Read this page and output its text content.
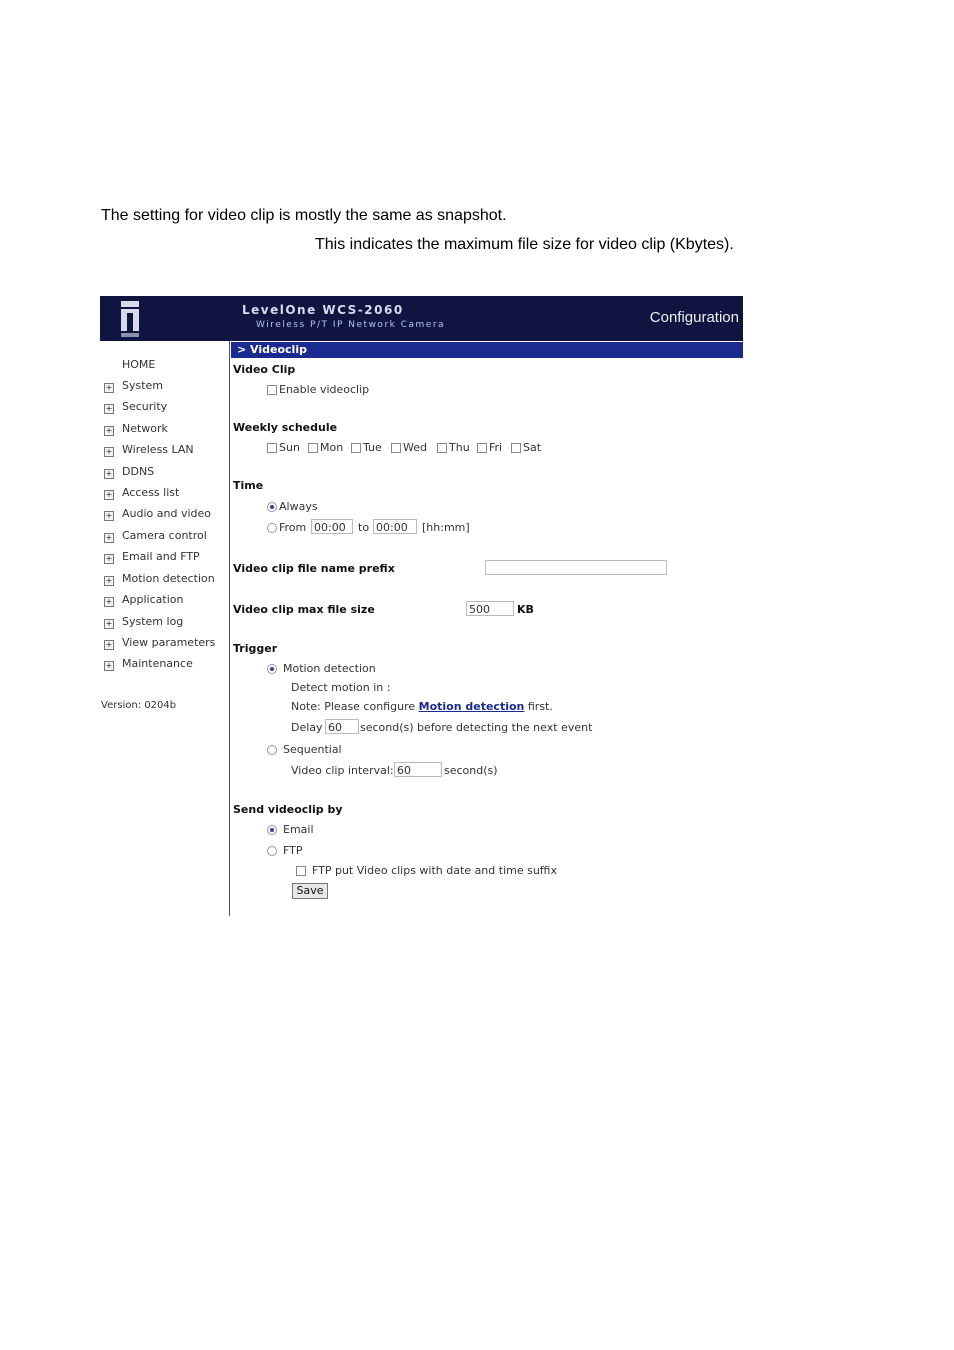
The setting for video clip is mostly the same as snapshot.
This indicates the maximum file size for video clip (Kbytes).
LevelOne WCS-2060
Wireless P/T IP Network Camera	Configuration
HOME
+ System
+ Security
+ Network
+ Wireless LAN
+ DDNS
+ Access list
+ Audio and video
+ Camera control
+ Email and FTP
+ Motion detection
+ Application
+ System log
+ View parameters
+ Maintenance
Version: 0204b
> Videoclip
Video Clip
Enable videoclip
Weekly schedule
Sun Mon Tue Wed Thu Fri Sat
Time
Always
From 00:00	to 00:00	[hh:mm]
Video clip file name prefix
Video clip max file size	500	KB
Trigger
Motion detection
Detect motion in :
Note: Please configure Motion detection first.
Delay 60	second(s) before detecting the next event
Sequential
Video clip interval: 60	second(s)
Send videoclip by
Email
FTP
FTP put Video clips with date and time suffix
Save
